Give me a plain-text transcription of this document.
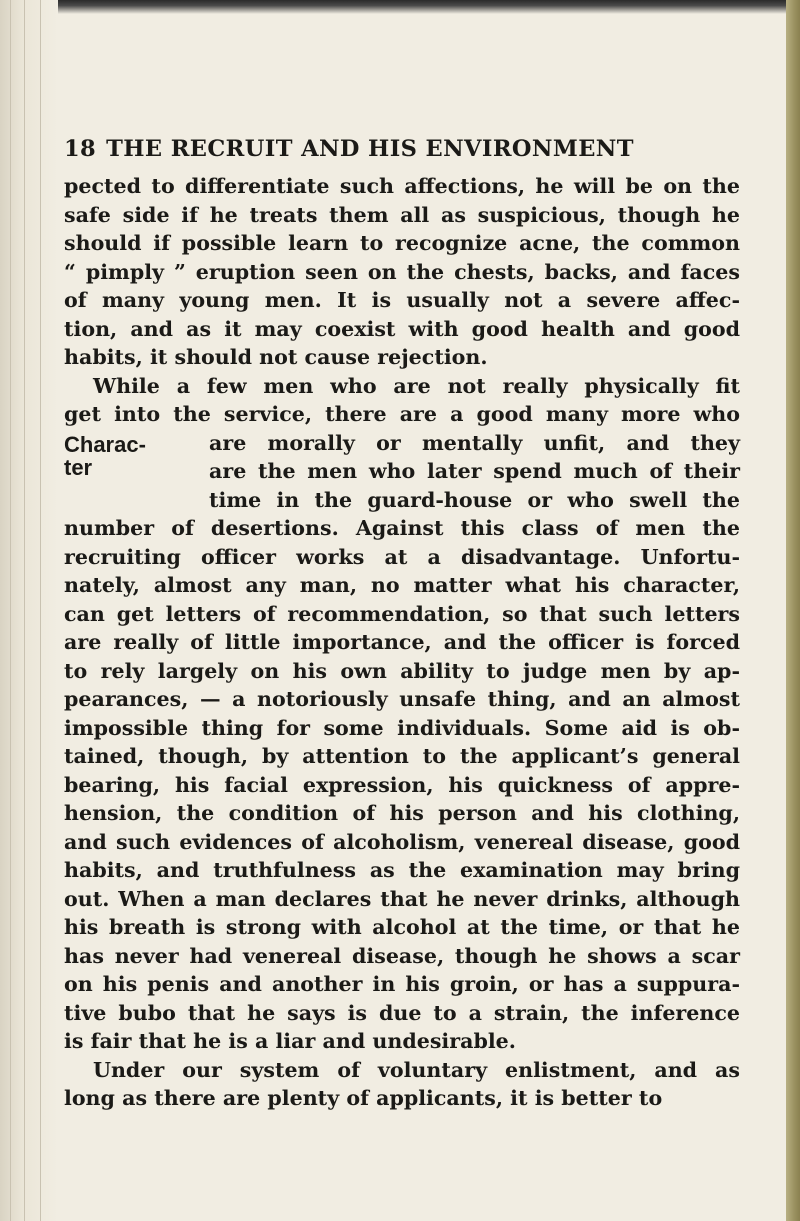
18 THE RECRUIT AND HIS ENVIRONMENT
Charac-
ter
pected to differentiate such affections, he will be on the
safe side if he treats them all as suspicious, though he
should if possible learn to recognize acne, the common
“ pimply ” eruption seen on the chests, backs, and faces
of many young men. It is usually not a severe affec-
tion, and as it may coexist with good health and good
habits, it should not cause rejection.
While a few men who are not really physically fit
get into the service, there are a good many more who
are morally or mentally unfit, and they
are the men who later spend much of their
time in the guard-house or who swell the
number of desertions. Against this class of men the
recruiting officer works at a disadvantage. Unfortu-
nately, almost any man, no matter what his character,
can get letters of recommendation, so that such letters
are really of little importance, and the officer is forced
to rely largely on his own ability to judge men by ap-
pearances, — a notoriously unsafe thing, and an almost
impossible thing for some individuals. Some aid is ob-
tained, though, by attention to the applicant’s general
bearing, his facial expression, his quickness of appre-
hension, the condition of his person and his clothing,
and such evidences of alcoholism, venereal disease, good
habits, and truthfulness as the examination may bring
out. When a man declares that he never drinks, although
his breath is strong with alcohol at the time, or that he
has never had venereal disease, though he shows a scar
on his penis and another in his groin, or has a suppura-
tive bubo that he says is due to a strain, the inference
is fair that he is a liar and undesirable.
Under our system of voluntary enlistment, and as
long as there are plenty of applicants, it is better to
